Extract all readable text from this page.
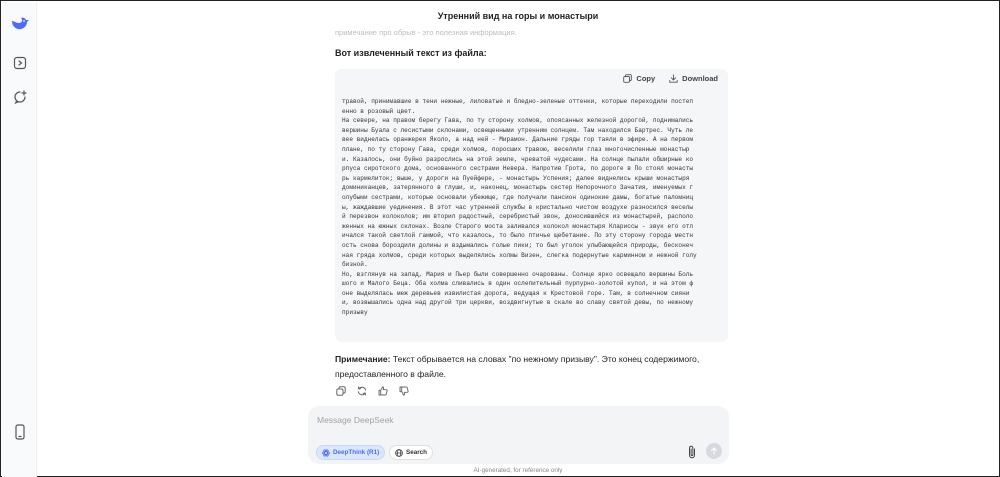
Утренний вид на горы и монастыри
примечание про обрыв - это полезная информация.
Вот извлеченный текст из файла:
Copy	Download
травой, принимавшие в тени нежные, лиловатые и бледно-зеленые оттенки, которые переходили постеп
енно в розовый цвет.
На севере, на правом берегу Гава, по ту сторону холмов, опоясанных железной дорогой, поднимались
вершины Буала с лесистыми склонами, освещенными утренним солнцем. Там находился Бартрес. Чуть ле
вее виднелась оранжерея Яколо, а над ней - Мирамон. Дальние гряды гор таяли в эфире. А на первом
плане, по ту сторону Гава, среди холмов, поросших травою, веселили глаз многочисленные монастыр
и. Казалось, они буйно разрослись на этой земле, чреватой чудесами. На солнце пылали обширные ко
рпуса сиротского дома, основанного сестрами Невера. Напротив Грота, по дороге в По стоял монасты
рь кармелиток; выше, у дороги на Пуейфере, - монастырь Успения; далее виднелись крыши монастыря
доминиканцев, затерянного в глуши, и, наконец, монастырь сестер Непорочного Зачатия, именуемых г
олубыми сестрами, которые основали убежище, где получали пансион одинокие дамы, богатые паломниц
ы, жаждавшие уединения. В этот час утренней службы в кристально чистом воздухе разносился веселы
й перезвон колоколов; им вторил радостный, серебристый звон, доносившийся из монастырей, располо
женных на южных склонах. Возле Старого моста заливался колокол монастыря Клариссы - звук его отл
ичался такой светлой гаммой, что казалось, то было птичье щебетание. По эту сторону города местн
ость снова бороздили долины и вздымались голые пики; то был уголок улыбающейся природы, бесконеч
ная гряда холмов, среди которых выделялись холмы Визен, слегка подернутые карминном и нежной голу
бизной.
Но, взглянув на запад, Мария и Пьер были совершенно очарованы. Солнце ярко освещало вершины Боль
шого и Малого Беца. Оба холма сливались в один ослепительный пурпурно-золотой купол, и на этом ф
оне выделялась меж деревьев извилистая дорога, ведущая к Крестовой горе. Там, в солнечном сияни
и, возвышались одна над другой три церкви, воздвигнутые в скале во славу святой девы, по нежному
призыву
Примечание: Текст обрывается на словах "по нежному призыву". Это конец содержимого, предоставленного в файле.
Message DeepSeek
DeepThink (R1)	Search
AI-generated, for reference only
